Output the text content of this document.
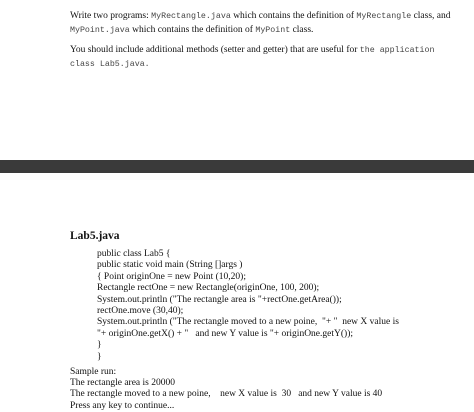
Write two programs: MyRectangle.java which contains the definition of MyRectangle class, and MyPoint.java which contains the definition of MyPoint class.

You should include additional methods (setter and getter) that are useful for the application class Lab5.java.

Lab5.java
public class Lab5 {
public static void main (String []args )
{ Point originOne = new Point (10,20);
Rectangle rectOne = new Rectangle(originOne, 100, 200);
System.out.println ("The rectangle area is "+rectOne.getArea());
rectOne.move (30,40);
System.out.println ("The rectangle moved to a new poine,  "+ "  new X value is
"+ originOne.getX() + "   and new Y value is "+ originOne.getY());
}
}
Sample run:
The rectangle area is 20000
The rectangle moved to a new poine,    new X value is  30   and new Y value is 40
Press any key to continue...
